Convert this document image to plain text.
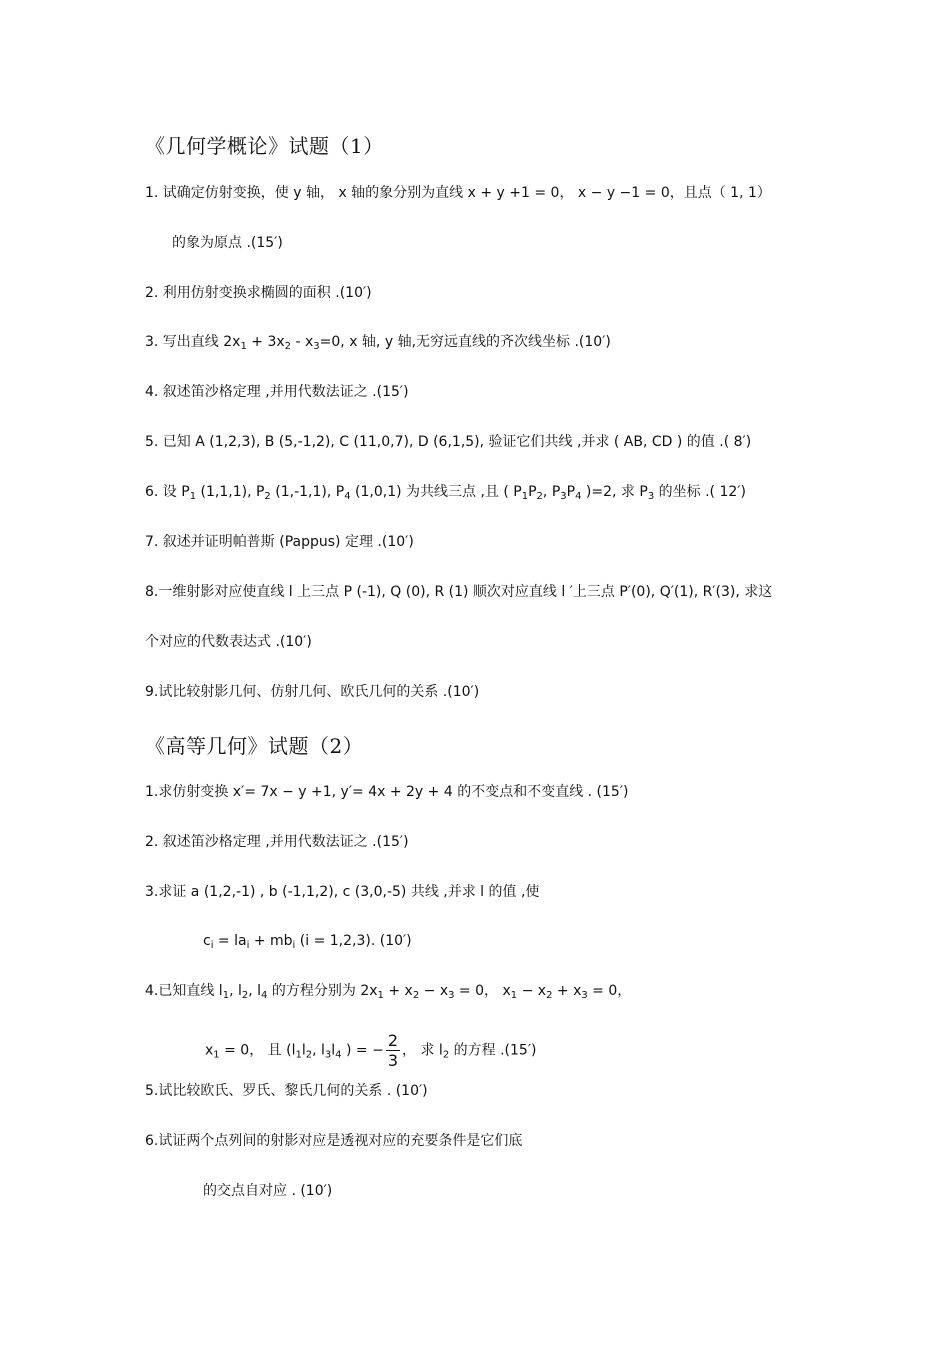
《几何学概论》试题（1）
1. 试确定仿射变换，使 y 轴， x 轴的象分别为直线 x + y +1 = 0， x − y −1 = 0，且点（ 1, 1）
的象为原点 .(15′)
2. 利用仿射变换求椭圆的面积 .(10′)
3. 写出直线 $2x_1 + 3x_2 - x_3=0$, x 轴, y 轴,无穷远直线的齐次线坐标 .(10′)
4. 叙述笛沙格定理 ,并用代数法证之 .(15′)
5. 已知 A (1,2,3), B (5,-1,2), C (11,0,7), D (6,1,5), 验证它们共线 ,并求 ( AB, CD ) 的值 .( 8′)
6. 设 $P_1$ (1,1,1), $P_2$ (1,-1,1), $P_4$ (1,0,1) 为共线三点 ,且 ( $P_1P_2$, $P_3P_4$ )=2, 求 $P_3$ 的坐标 .( 12′)
7. 叙述并证明帕普斯 (Pappus) 定理 .(10′)
8.一维射影对应使直线 l 上三点 P (-1), Q (0), R (1) 顺次对应直线 l ′上三点 P′(0), Q′(1), R′(3), 求这
个对应的代数表达式 .(10′)
9.试比较射影几何、仿射几何、欧氏几何的关系 .(10′)
《高等几何》试题（2）
1.求仿射变换 x′= 7x − y +1, y′= 4x + 2y + 4 的不变点和不变直线 . (15′)
2. 叙述笛沙格定理 ,并用代数法证之 .(15′)
3.求证 a (1,2,-1) , b (-1,1,2), c (3,0,-5) 共线 ,并求 l 的值 ,使
$c_i = la_i + mb_i$ (i = 1,2,3). (10′)
4.已知直线 $l_1$, $l_2$, $l_4$ 的方程分别为 $2x_1 + x_2 - x_3 = 0$， $x_1 - x_2 + x_3 = 0$，
$x_1 = 0$， 且 ($l_1l_2$, $l_3l_4$ ) = − $\frac{2}{3}$ ， 求 $l_2$ 的方程 .(15′)
5.试比较欧氏、罗氏、黎氏几何的关系 . (10′)
6.试证两个点列间的射影对应是透视对应的充要条件是它们底
的交点自对应 . (10′)
